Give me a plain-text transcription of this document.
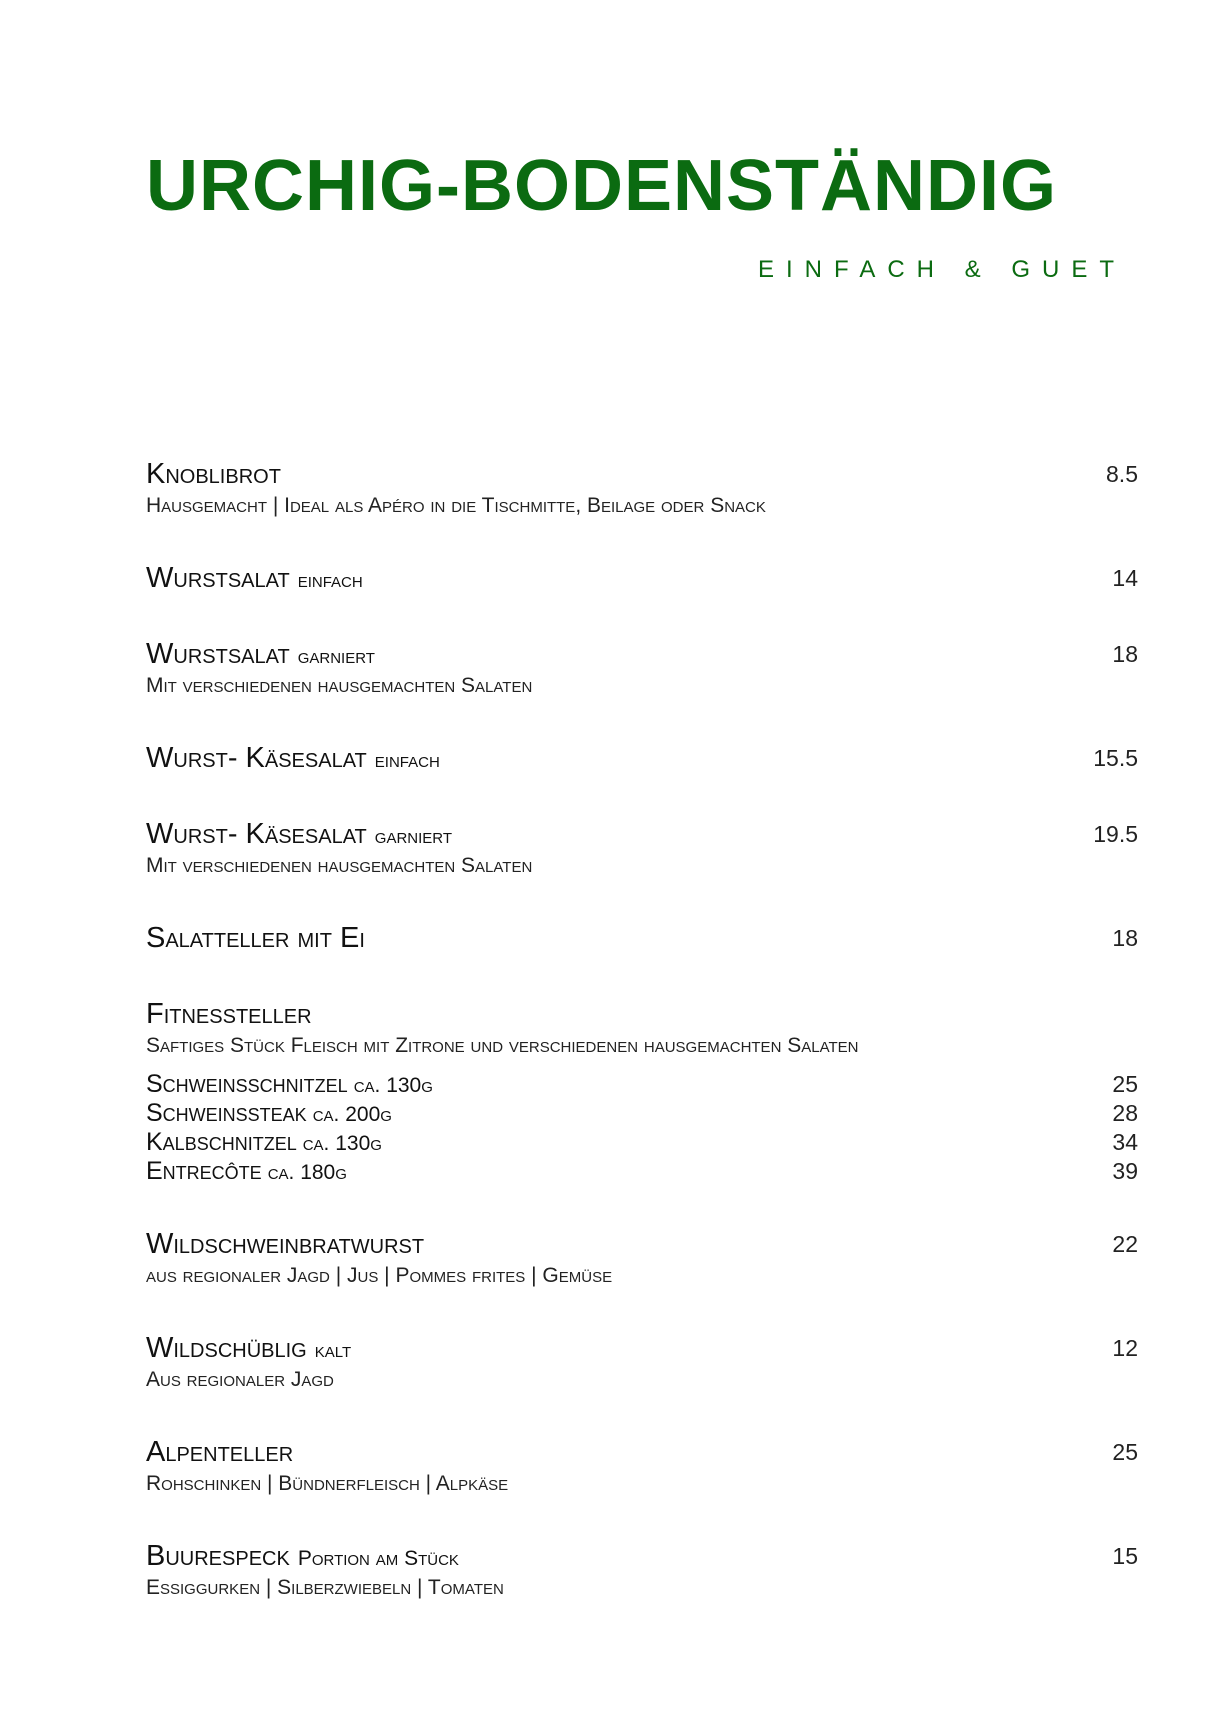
URCHIG-BODENSTÄNDIG
EINFACH & GUET
Knoblibrot	8.5
Hausgemacht | Ideal als Apéro in die Tischmitte, Beilage oder Snack
Wurstsalat einfach	14
Wurstsalat garniert	18
Mit verschiedenen hausgemachten Salaten
Wurst- Käsesalat einfach	15.5
Wurst- Käsesalat garniert	19.5
Mit verschiedenen hausgemachten Salaten
Salatteller mit Ei	18
Fitnessteller
Saftiges Stück Fleisch mit Zitrone und verschiedenen hausgemachten Salaten
Schweinsschnitzel ca. 130g	25
Schweinssteak ca. 200g	28
Kalbschnitzel ca. 130g	34
Entrecôte ca. 180g	39
Wildschweinbratwurst	22
aus regionaler Jagd | Jus | Pommes frites | Gemüse
Wildschüblig kalt	12
Aus regionaler Jagd
Alpenteller	25
Rohschinken | Bündnerfleisch | Alpkäse
Buurespeck Portion am Stück	15
Essiggurken | Silberzwiebeln | Tomaten
